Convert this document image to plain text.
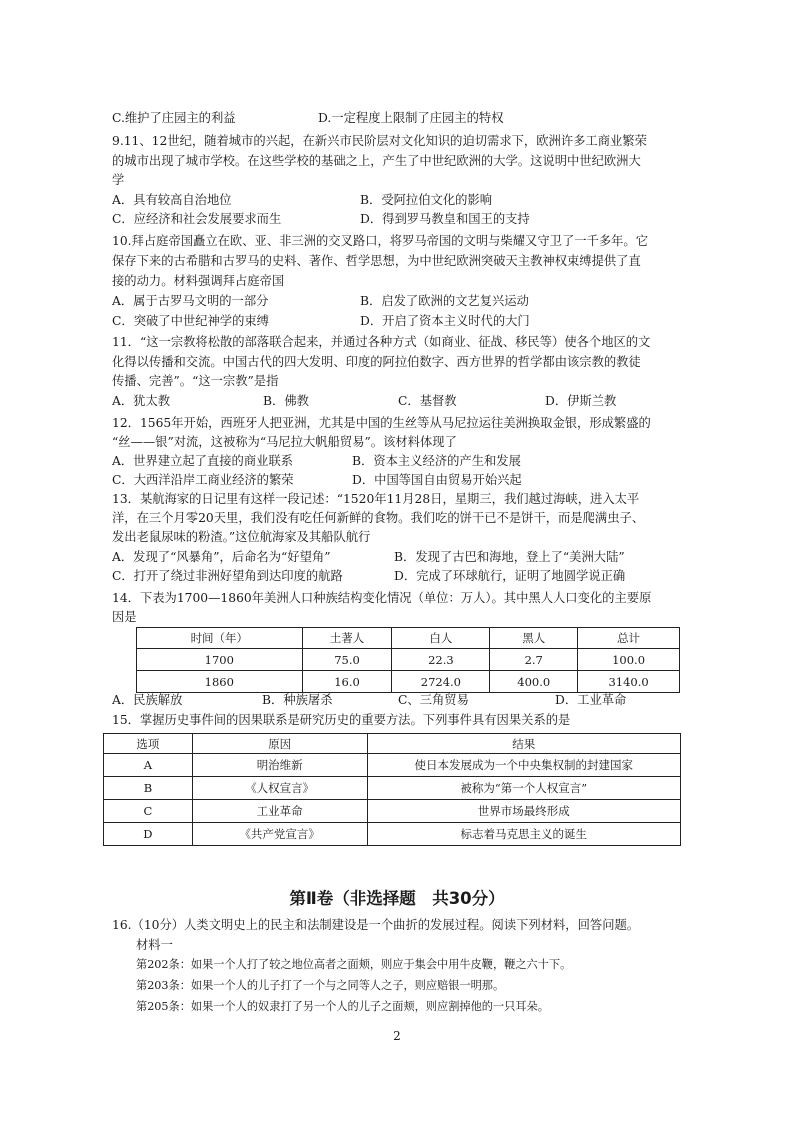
C.维护了庄园主的利益	D.一定程度上限制了庄园主的特权
9.11、12世纪，随着城市的兴起，在新兴市民阶层对文化知识的迫切需求下，欧洲许多工商业繁荣
的城市出现了城市学校。在这些学校的基础之上，产生了中世纪欧洲的大学。这说明中世纪欧洲大
学
A．具有较高自治地位	B．受阿拉伯文化的影响
C．应经济和社会发展要求而生	D．得到罗马教皇和国王的支持
10.拜占庭帝国矗立在欧、亚、非三洲的交叉路口，将罗马帝国的文明与柴耀又守卫了一千多年。它
保存下来的古希腊和古罗马的史料、著作、哲学思想，为中世纪欧洲突破天主教神权束缚提供了直
接的动力。材料强调拜占庭帝国
A．属于古罗马文明的一部分	B．启发了欧洲的文艺复兴运动
C．突破了中世纪神学的束缚	D．开启了资本主义时代的大门
11．“这一宗教将松散的部落联合起来，并通过各种方式（如商业、征战、移民等）使各个地区的文
化得以传播和交流。中国古代的四大发明、印度的阿拉伯数字、西方世界的哲学都由该宗教的教徒
传播、完善”。“这一宗教”是指
A．犹太教	B．佛教	C．基督教	D．伊斯兰教
12．1565年开始，西班牙人把亚洲，尤其是中国的生丝等从马尼拉运往美洲换取金银，形成繁盛的
“丝——银”对流，这被称为“马尼拉大帆船贸易”。该材料体现了
A．世界建立起了直接的商业联系	B．资本主义经济的产生和发展
C．大西洋沿岸工商业经济的繁荣	D．中国等国自由贸易开始兴起
13．某航海家的日记里有这样一段记述：“1520年11月28日，星期三，我们越过海峡，进入太平
洋，在三个月零20天里，我们没有吃任何新鲜的食物。我们吃的饼干已不是饼干，而是爬满虫子、
发出老鼠尿味的粉渣。”这位航海家及其船队航行
A．发现了“风暴角”，后命名为“好望角”	B．发现了古巴和海地，登上了“美洲大陆”
C．打开了绕过非洲好望角到达印度的航路	D．完成了环球航行，证明了地圆学说正确
14．下表为1700—1860年美洲人口种族结构变化情况（单位：万人）。其中黑人人口变化的主要原
因是
时间（年）	土著人	白人	黑人	总计
1700	75.0	22.3	2.7	100.0
1860	16.0	2724.0	400.0	3140.0
A．民族解放	B．种族屠杀	C、三角贸易	D．工业革命
15．掌握历史事件间的因果联系是研究历史的重要方法。下列事件具有因果关系的是
选项	原因	结果
A	明治维新	使日本发展成为一个中央集权制的封建国家
B	《人权宣言》	被称为“第一个人权宣言”
C	工业革命	世界市场最终形成
D	《共产党宣言》	标志着马克思主义的诞生
第Ⅱ卷（非选择题　共30分）
16.（10分）人类文明史上的民主和法制建设是一个曲折的发展过程。阅读下列材料，回答问题。
材料一
第202条：如果一个人打了较之地位高者之面颊，则应于集会中用牛皮鞭，鞭之六十下。
第203条：如果一个人的儿子打了一个与之同等人之子，则应赔银一明那。
第205条：如果一个人的奴隶打了另一个人的儿子之面颊，则应割掉他的一只耳朵。
2
